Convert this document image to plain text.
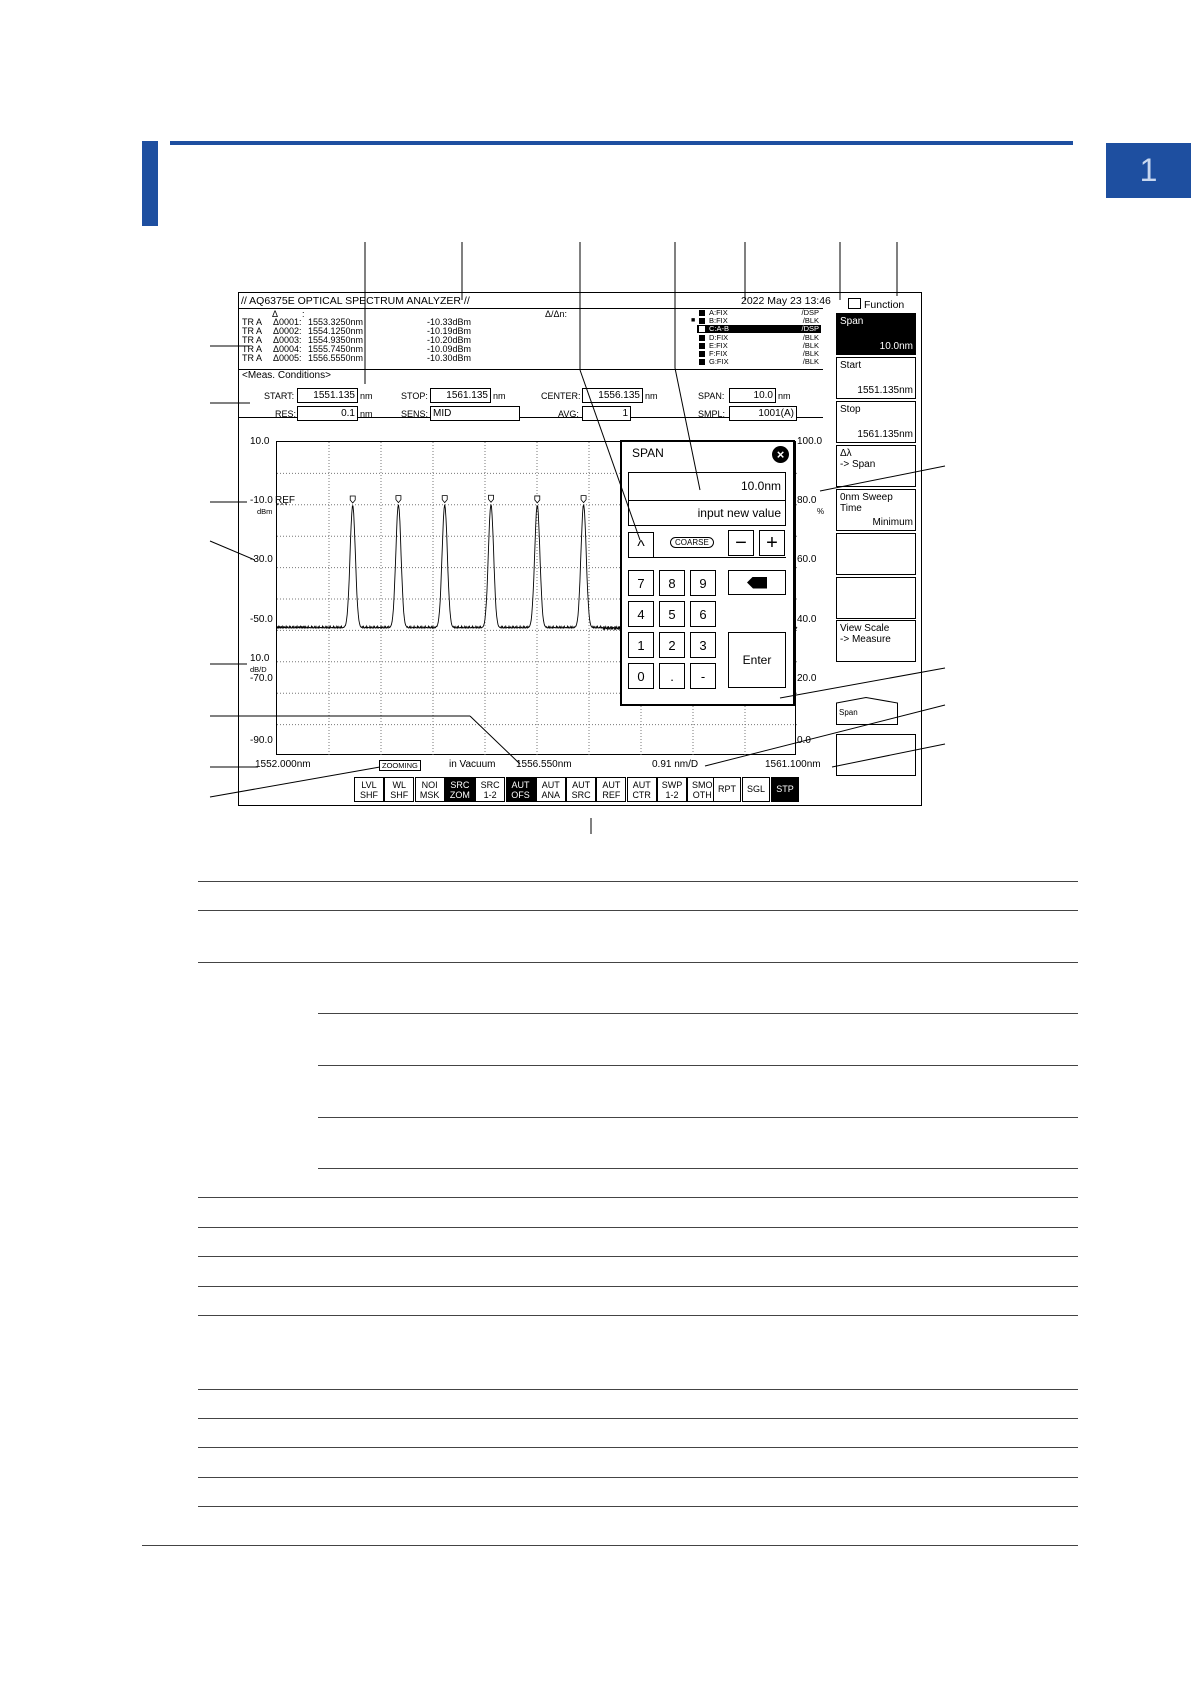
1
// AQ6375E OPTICAL SPECTRUM ANALYZER //	2022 May 23 13:46	Function
Δ	:	Δ/Δn:
TR A Δ0001: 1553.3250nm	-10.33dBm
TR A Δ0002: 1554.1250nm	-10.19dBm
TR A Δ0003: 1554.9350nm	-10.20dBm
TR A Δ0004: 1555.7450nm	-10.09dBm
TR A Δ0005: 1556.5550nm	-10.30dBm
A:FIX	/DSP
B:FIX	/BLK
■
C:A-B	/DSP
D:FIX	/BLK
E:FIX	/BLK
F:FIX	/BLK
G:FIX	/BLK
<Meas. Conditions>
START:	1551.135 nm	STOP:	1561.135 nm	CENTER:	1556.135 nm	SPAN:	10.0 nm
RES:	0.1 nm	SENS: MID	AVG:	1	SMPL:	1001(A)
10.0
-10.0
-30.0
-50.0
-70.0
-90.0
100.0
80.0
60.0
40.0
20.0
0.0
REF
dBm
10.0
dB/D
%
1552.000nm	ZOOMING	in Vacuum 1556.550nm	0.91 nm/D	1561.100nm
SPAN	×
10.0nm
input new value
^	COARSE	− +
Enter
7	8	9
4	5	6
1	2	3
0	.	-
Span
10.0nm
Start
1551.135nm
Stop
1561.135nm
Δλ
-> Span
0nm Sweep
Time
Minimum
View Scale
-> Measure
Span
LVL
SHF
WL
SHF
NOI
MSK
SRC
ZOM
SRC
1-2
AUT
OFS
AUT
ANA
AUT
SRC
AUT
REF
AUT
CTR
SWP
1-2
SMO
OTH
RPT	SGL	STP
